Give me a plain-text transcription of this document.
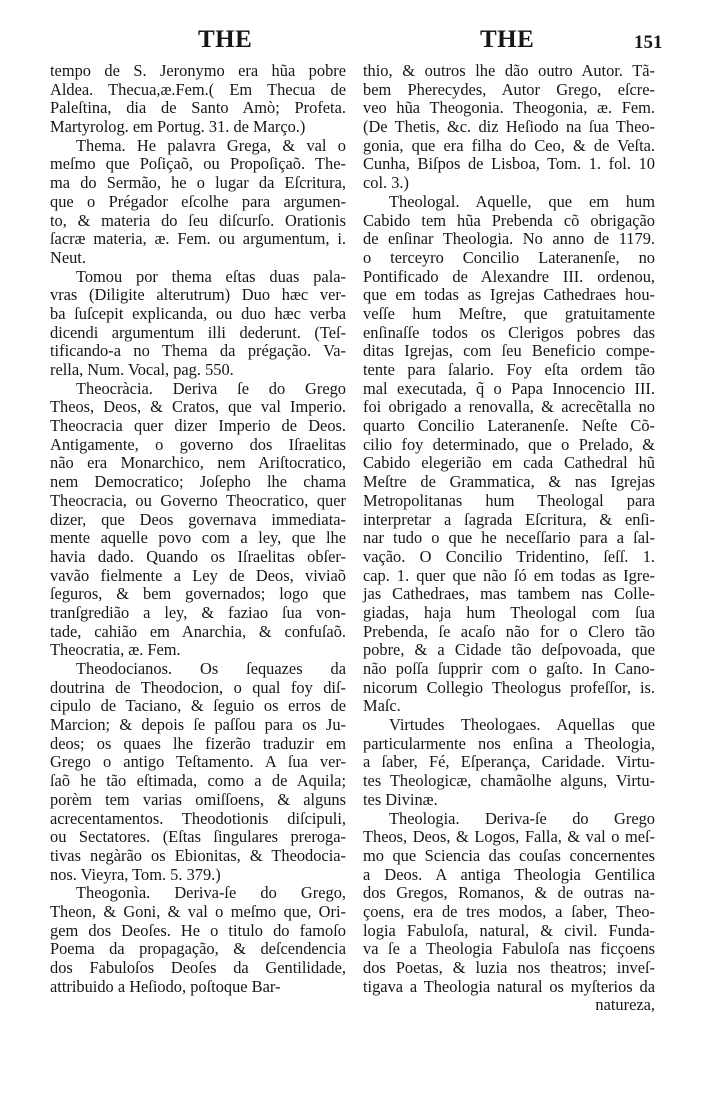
THE	THE	151
tempo de S. Jeronymo era hũa pobre
Aldea. Thecua,æ.Fem.( Em Thecua de
Paleſtina, dia de Santo Amò; Profeta.
Martyrolog. em Portug. 31. de Março.)
Thema. He palavra Grega, & val o
meſmo que Poſiçaõ, ou Propoſiçaõ. The-
ma do Sermão, he o lugar da Eſcritura,
que o Prégador eſcolhe para argumen-
to, & materia do ſeu diſcurſo. Orationis
ſacræ materia, æ. Fem. ou argumentum, i.
Neut.
Tomou por thema eſtas duas pala-
vras (Diligite alterutrum) Duo hæc ver-
ba ſuſcepit explicanda, ou duo hæc verba
dicendi argumentum illi dederunt. (Teſ-
tificando-a no Thema da prégação. Va-
rella, Num. Vocal, pag. 550.
Theocràcia. Deriva ſe do Grego
Theos, Deos, & Cratos, que val Imperio.
Theocracia quer dizer Imperio de Deos.
Antigamente, o governo dos Iſraelitas
não era Monarchico, nem Ariſtocratico,
nem Democratico; Joſepho lhe chama
Theocracia, ou Governo Theocratico, quer
dizer, que Deos governava immediata-
mente aquelle povo com a ley, que lhe
havia dado. Quando os Iſraelitas obſer-
vavão fielmente a Ley de Deos, viviaõ
ſeguros, & bem governados; logo que
tranſgredião a ley, & faziao ſua von-
tade, cahião em Anarchia, & confuſaõ.
Theocratia, æ. Fem.
Theodocianos. Os ſequazes da
doutrina de Theodocion, o qual foy diſ-
cipulo de Taciano, & ſeguio os erros de
Marcion; & depois ſe paſſou para os Ju-
deos; os quaes lhe fizerão traduzir em
Grego o antigo Teſtamento. A ſua ver-
ſaõ he tão eſtimada, como a de Aquila;
porèm tem varias omiſſoens, & alguns
acrecentamentos. Theodotionis diſcipuli,
ou Sectatores. (Eſtas ſingulares preroga-
tivas negàrão os Ebionitas, & Theodocia-
nos. Vieyra, Tom. 5. 379.)
Theogonìa. Deriva-ſe do Grego,
Theon, & Goni, & val o meſmo que, Ori-
gem dos Deoſes. He o titulo do famoſo
Poema da propagação, & deſcendencia
dos Fabuloſos Deoſes da Gentilidade,
attribuido a Heſiodo, poſtoque Bar-
thio, & outros lhe dão outro Autor. Tã-
bem Pherecydes, Autor Grego, eſcre-
veo hũa Theogonia. Theogonia, æ. Fem.
(De Thetis, &c. diz Heſiodo na ſua Theo-
gonia, que era filha do Ceo, & de Veſta.
Cunha, Biſpos de Lisboa, Tom. 1. fol. 10
col. 3.)
Theologal. Aquelle, que em hum
Cabido tem hũa Prebenda cõ obrigação
de enſinar Theologia. No anno de 1179.
o terceyro Concilio Lateranenſe, no
Pontificado de Alexandre III. ordenou,
que em todas as Igrejas Cathedraes hou-
veſſe hum Meſtre, que gratuitamente
enſinaſſe todos os Clerigos pobres das
ditas Igrejas, com ſeu Beneficio compe-
tente para ſalario. Foy eſta ordem tão
mal executada, q̃ o Papa Innocencio III.
foi obrigado a renovalla, & acrecẽtalla no
quarto Concilio Lateranenſe. Neſte Cõ-
cilio foy determinado, que o Prelado, &
Cabido elegerião em cada Cathedral hũ
Meſtre de Grammatica, & nas Igrejas
Metropolitanas hum Theologal para
interpretar a ſagrada Eſcritura, & enſi-
nar tudo o que he neceſſario para a ſal-
vação. O Concilio Tridentino, ſeſſ. 1.
cap. 1. quer que não ſó em todas as Igre-
jas Cathedraes, mas tambem nas Colle-
giadas, haja hum Theologal com ſua
Prebenda, ſe acaſo não for o Clero tão
pobre, & a Cidade tão deſpovoada, que
não poſſa ſupprir com o gaſto. In Cano-
nicorum Collegio Theologus profeſſor, is.
Maſc.
Virtudes Theologaes. Aquellas que
particularmente nos enſina a Theologia,
a ſaber, Fé, Eſperança, Caridade. Virtu-
tes Theologicæ, chamãolhe alguns, Virtu-
tes Divinæ.
Theologia. Deriva-ſe do Grego
Theos, Deos, & Logos, Falla, & val o meſ-
mo que Sciencia das couſas concernentes
a Deos. A antiga Theologia Gentilica
dos Gregos, Romanos, & de outras na-
çoens, era de tres modos, a ſaber, Theo-
logia Fabuloſa, natural, & civil. Funda-
va ſe a Theologia Fabuloſa nas ficçoens
dos Poetas, & luzia nos theatros; inveſ-
tigava a Theologia natural os myſterios da
natureza,
